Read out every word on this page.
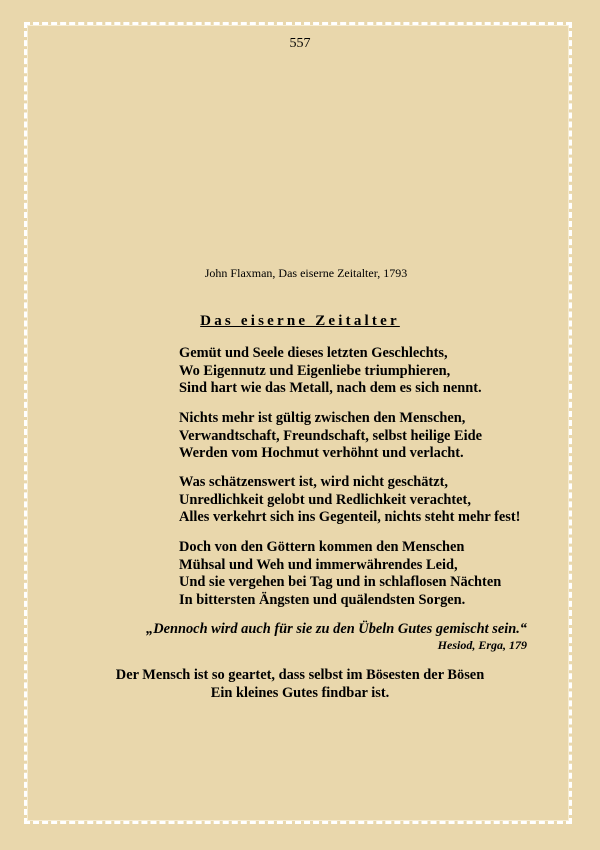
557
John Flaxman, Das eiserne Zeitalter, 1793
Das eiserne Zeitalter
Gemüt und Seele dieses letzten Geschlechts,
Wo Eigennutz und Eigenliebe triumphieren,
Sind hart wie das Metall, nach dem es sich nennt.
Nichts mehr ist gültig zwischen den Menschen,
Verwandtschaft, Freundschaft, selbst heilige Eide
Werden vom Hochmut verhöhnt und verlacht.
Was schätzenswert ist, wird nicht geschätzt,
Unredlichkeit gelobt und Redlichkeit verachtet,
Alles verkehrt sich ins Gegenteil, nichts steht mehr fest!
Doch von den Göttern kommen den Menschen
Mühsal und Weh und immerwährendes Leid,
Und sie vergehen bei Tag und in schlaflosen Nächten
In bittersten Ängsten und quälendsten Sorgen.
„Dennoch wird auch für sie zu den Übeln Gutes gemischt sein.“
Hesiod, Erga, 179
Der Mensch ist so geartet, dass selbst im Bösesten der Bösen
Ein kleines Gutes findbar ist.
